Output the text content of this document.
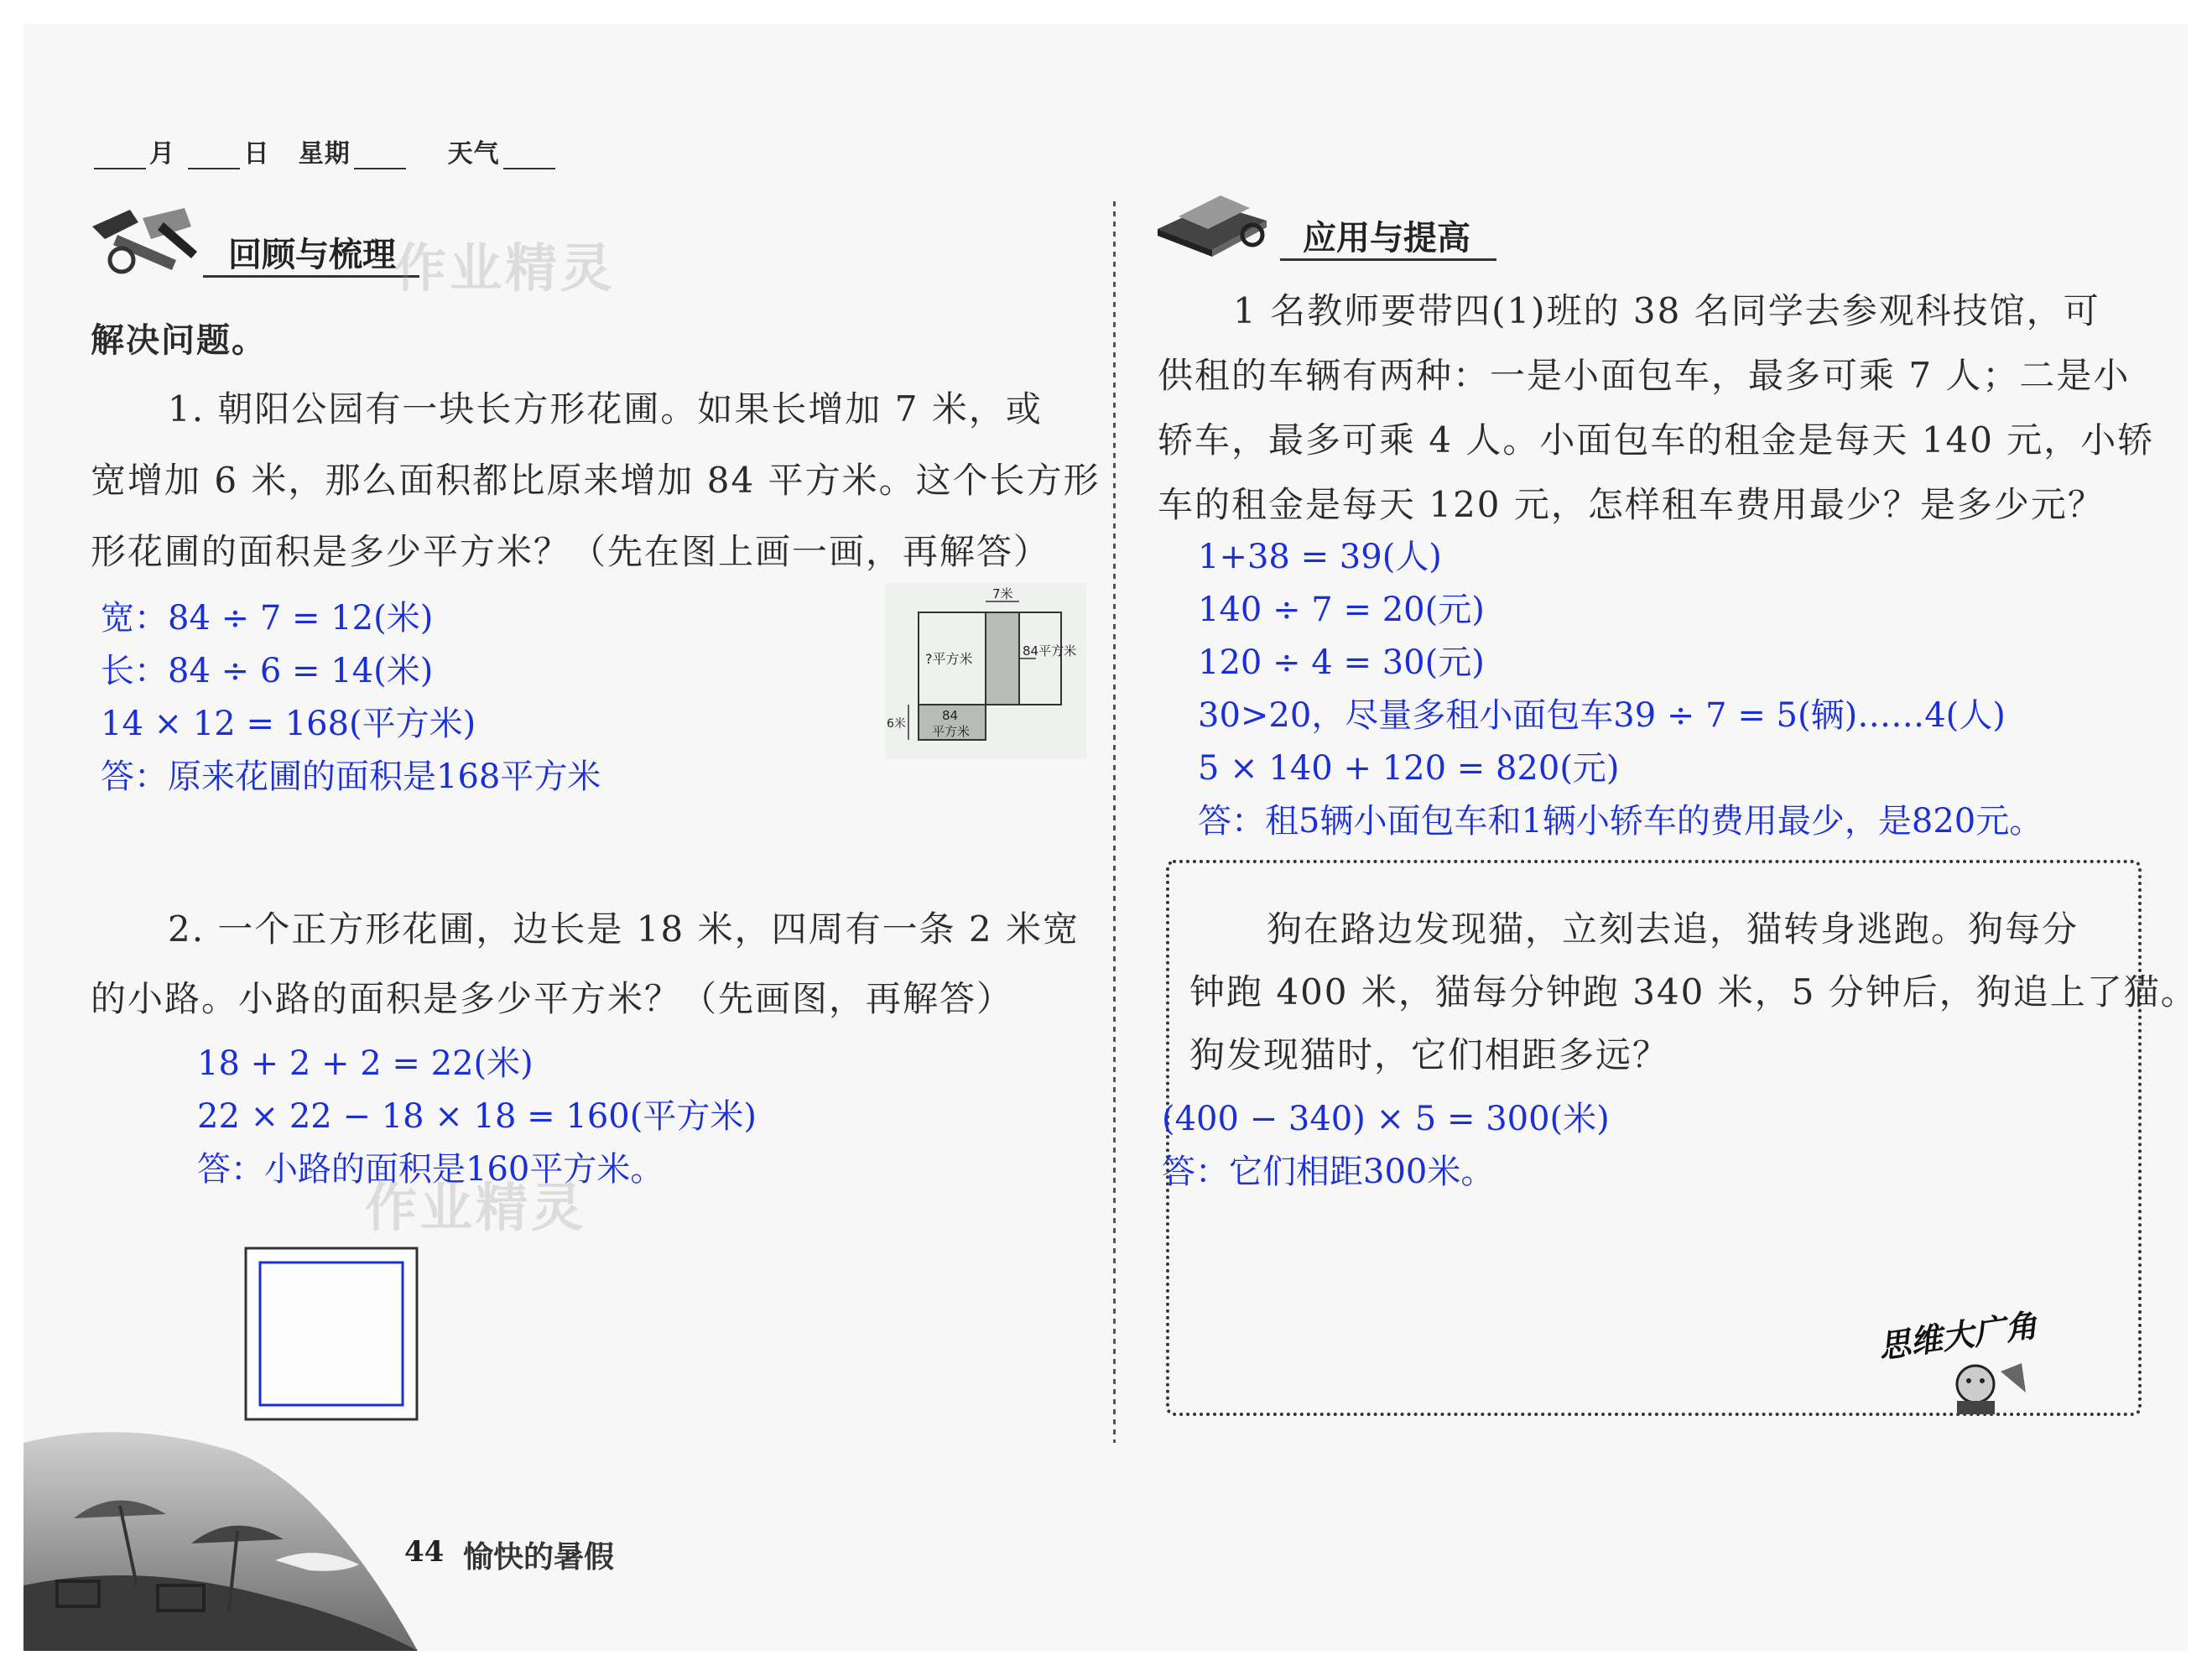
月	日 星期	天气
回顾与梳理
作业精灵
解决问题。
1. 朝阳公园有一块长方形花圃。如果长增加 7 米，或
宽增加 6 米，那么面积都比原来增加 84 平方米。这个长方形
形花圃的面积是多少平方米？（先在图上画一画，再解答）
宽：84 ÷ 7 = 12(米)
长：84 ÷ 6 = 14(米)
14 × 12 = 168(平方米)
答：原来花圃的面积是168平方米
7米
?平方米	84平方米
6米
84
平方米
2. 一个正方形花圃，边长是 18 米，四周有一条 2 米宽
的小路。小路的面积是多少平方米？（先画图，再解答）
18 + 2 + 2 = 22(米)
22 × 22 − 18 × 18 = 160(平方米)
答：小路的面积是160平方米。
作业精灵
应用与提高
1 名教师要带四(1)班的 38 名同学去参观科技馆，可
供租的车辆有两种：一是小面包车，最多可乘 7 人；二是小
轿车，最多可乘 4 人。小面包车的租金是每天 140 元，小轿
车的租金是每天 120 元，怎样租车费用最少？是多少元？
1+38 = 39(人)
140 ÷ 7 = 20(元)
120 ÷ 4 = 30(元)
30>20，尽量多租小面包车39 ÷ 7 = 5(辆)……4(人)
5 × 140 + 120 = 820(元)
答：租5辆小面包车和1辆小轿车的费用最少，是820元。
狗在路边发现猫，立刻去追，猫转身逃跑。狗每分
钟跑 400 米，猫每分钟跑 340 米，5 分钟后，狗追上了猫。
狗发现猫时，它们相距多远？
(400 − 340) × 5 = 300(米)
答：它们相距300米。
思维大广角
44 愉快的暑假
